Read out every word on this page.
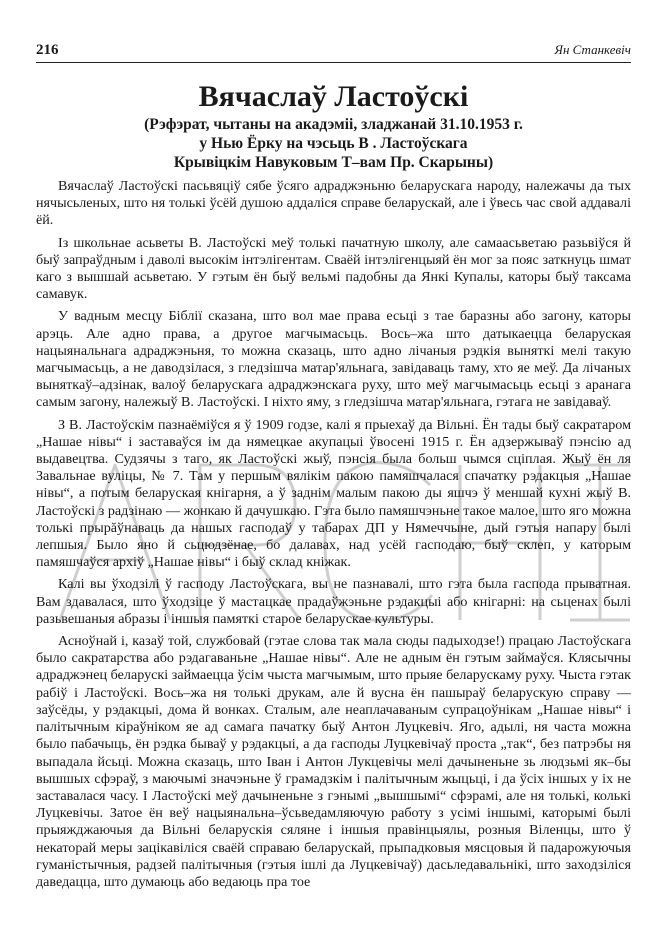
216	Ян Станкевіч
Вячаслаў Ластоўскі
(Рэфэрат, чытаны на акадэміі, зладжанай 31.10.1953 г.
у Нью Ёрку на чэсьць В . Ластоўскага
Крывіцкім Навуковым Т–вам Пр. Скарыны)

Вячаслаў Ластоўскі пасьвяціў сябе ўсяго адраджэньню беларускага народу, належачы да тых нячысьленых, што ня толькі ўсёй душою аддаліся справе беларускай, але і ўвесь час свой аддавалі ёй.

Із школьнае асьветы В. Ластоўскі меў толькі пачатную школу, але самаасьветаю разьвіўся й быў запраўдным і даволі высокім інтэлігентам. Сваёй інтэлігенцыяй ён мог за пояс заткнуць шмат каго з вышшай асьветаю. У гэтым ён быў вельмі падобны да Янкі Купалы, каторы быў таксама самавук.

У вадным месцу Біблії сказана, што вол мае права есьці з тае баразны або загону, каторы арэць. Але адно права, а другое магчымасьць. Вось–жа што датыкаецца беларуская нацыянальнага адраджэньня, то можна сказаць, што адно лічаныя рэдкія выняткі мелі такую магчымасьць, а не даводзілася, з гледзішча матар'яльнага, завідаваць таму, хто яе меў. Да лічаных выняткаў–адзінак, валоў беларускага адраджэнскага руху, што меў магчымасьць есьці з аранага самым загону, належыў В. Ластоўскі. І ніхто яму, з гледзішча матар'яльнага, гэтага не завідаваў.

З В. Ластоўскім пазнаёміўся я ў 1909 годзе, калі я прыехаў да Вільні. Ён тады быў сакратаром „Нашае нівы“ і заставаўся ім да нямецкае акупацыі ўвосені 1915 г. Ён адзержываў пэнсію ад выдавецтва. Судзячы з таго, як Ластоўскі жыў, пэнсія была больш чымся сціплая. Жыў ён ля Завальнае вуліцы, № 7. Там у першым вялікім пакою памяшчалася спачатку рэдакцыя „Нашае нівы“, а потым беларуская кнігарня, а ў заднім малым пакою ды яшчэ ў меншай кухні жыў В. Ластоўскі з радзінаю — жонкаю й дачушкаю. Гэта было памяшчэньне такое малое, што яго можна толькі прырăўнаваць да нашых гасподаў у табарах ДП у Нямеччыне, дый гэтыя напару былі лепшыя. Было яно й сьцюдзёнае, бо далавах, над усёй гасподаю, быў склеп, у каторым памяшчаўся архіў „Нашае нівы“ і быў склад кніжак.

Калі вы ўходзілі ў гасподу Ластоўскага, вы не пазнавалі, што гэта была гаспода прыватная. Вам здавалася, што ўходзіце ў мастацкае прадаўжэньне рэдакцыі або кнігарні: на сьценах былі разьвешаныя абразы і іншыя памяткі старое беларускае культуры.

Асноўнай і, казаў той, службовай (гэтае слова так мала сюды падыходзе!) працаю Ластоўскага было сакратарства або рэдагаваньне „Нашае нівы“. Але не адным ён гэтым займаўся. Клясычны адраджэнец беларускі займаецца ўсім чыста магчымым, што прыяе беларускаму руху. Чыста гэтак рабіў і Ластоўскі. Вось–жа ня толькі друкам, але й вусна ён пашыраў беларускую справу — заўсёды, у рэдакцыі, дома й вонках. Сталым, але неаплачаваным супрацоўнікам „Нашае нівы“ і палітычным кіраўніком яе ад самага пачатку быў Антон Луцкевіч. Яго, адылі, ня часта можна было пабачыць, ён рэдка бываў у рэдакцыі, а да гасподы Луцкевічаў проста „так“, без патрэбы ня выпадала йсьці. Можна сказаць, што Іван і Антон Лукцевічы мелі дачыненьне зь людзьмі як–бы вышшых сфэраў, з маючымі значэньне ў грамадзкім і палітычным жыцьці, і да ўсіх іншых у іх не заставалася часу. І Ластоўскі меў дачыненьне з гэнымі „вышшымі“ сфэрамі, але ня толькі, колькі Луцкевічы. Затое ён веў нацыянальна–ўсьведамляючую работу з усімі іншымі, каторымі былі прыяжджаючыя да Вільні беларускія сяляне і іншыя правінцыялы, розныя Віленцы, што ў некаторай меры зацікавіліся сваёй справаю беларускай, прыпадковыя мясцовыя й падарожуючыя гуманістычныя, радзей палітычныя (гэтыя ішлі да Луцкевічаў) дасьледавальнікі, што заходзіліся даведацца, што думаюць або ведаюць пра тое
